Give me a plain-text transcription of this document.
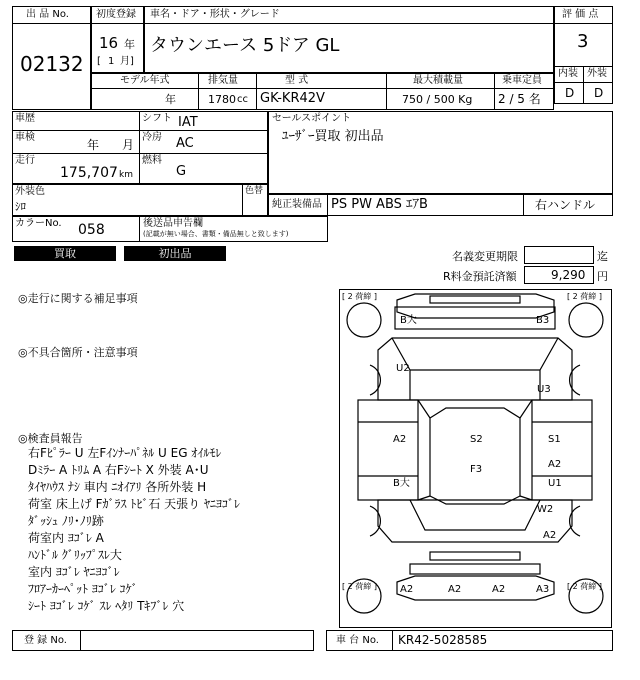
出 品 No.
02132
初度登録
16 年
[ 1 月]
車名・ドア・形状・グレード
タウンエース 5ドア GL
評 価 点
3
内装 外装
D D
モデル年式	排気量	型 式	最大積載量	乗車定員
年	1780 cc GK-KR42V	750 / 500 Kg 2 / 5 名
車歴
車検
年 月
走行
175,707 km
シフト IAT
冷房 AC
燃料
G
セールスポイント
ﾕｰｻﾞｰ買取 初出品
外装色
ｼﾛ
色替
純正装備品 PS PW ABS ｴｱB	右ハンドル
カラーNo. 058	後送品申告欄
(記載が無い場合、書類・備品無しと致します)
買取	初出品	名義変更期限	迄
R料金預託済額	9,290 円
◎走行に関する補足事項
◎不具合箇所・注意事項
◎検査員報告
右Fﾋﾟﾗｰ U 左Fｲﾝﾅｰﾊﾟﾈﾙ U EG ｵｲﾙﾓﾚ
Dﾐﾗｰ A ﾄﾘﾑ A 右Fｼｰﾄ X 外装 A･U
ﾀｲﾔﾊｳｽ ﾅｼ 車内 ﾆｵｲｱﾘ 各所外装 H
荷室 床上げ Fｶﾞﾗｽ ﾄﾋﾞ石 天張り ﾔﾆﾖｺﾞﾚ
ﾀﾞｯｼｭ ﾉﾘ･ﾉﾘ跡
荷室内 ﾖｺﾞﾚ A
ﾊﾝﾄﾞﾙ ｸﾞﾘｯﾌﾟｽﾚ大
室内 ﾖｺﾞﾚ ﾔﾆﾖｺﾞﾚ
ﾌﾛｱｰｶｰﾍﾟｯﾄ ﾖｺﾞﾚ ｺｹﾞ
ｼｰﾄ ﾖｺﾞﾚ ｺｹﾞ ｽﾚ ﾍﾀﾘ Tｷﾌﾞﾚ 穴
[ 2 荷締 ]	[ 2 荷締 ]
[ 2 荷締 ]	[ 2 荷締 ]
B大	B3
U2
U3
A2	S2	S1
F3	A2
U1
B大
W2
A2
A2	A2	A2	A3
登 録 No.	車 台 No. KR42-5028585
